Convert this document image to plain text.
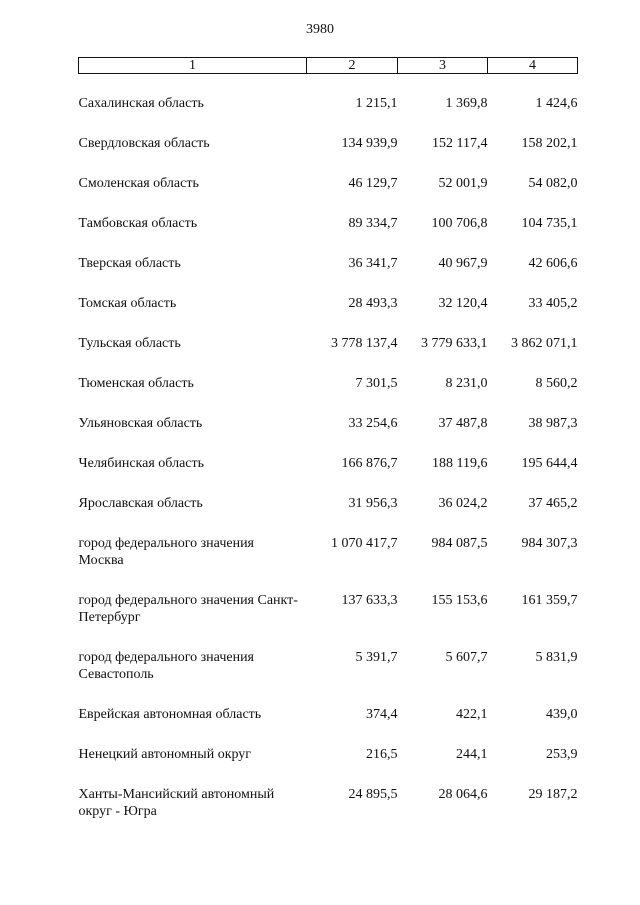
3980
1	2	3	4

Сахалинская область	1 215,1	1 369,8	1 424,6

Свердловская область	134 939,9	152 117,4	158 202,1

Смоленская область	46 129,7	52 001,9	54 082,0

Тамбовская область	89 334,7	100 706,8	104 735,1

Тверская область	36 341,7	40 967,9	42 606,6

Томская область	28 493,3	32 120,4	33 405,2

Тульская область	3 778 137,4	3 779 633,1	3 862 071,1

Тюменская область	7 301,5	8 231,0	8 560,2

Ульяновская область	33 254,6	37 487,8	38 987,3

Челябинская область	166 876,7	188 119,6	195 644,4

Ярославская область	31 956,3	36 024,2	37 465,2

город федерального значения Москва	1 070 417,7	984 087,5	984 307,3

город федерального значения Санкт-Петербург	137 633,3	155 153,6	161 359,7

город федерального значения Севастополь	5 391,7	5 607,7	5 831,9

Еврейская автономная область	374,4	422,1	439,0

Ненецкий автономный округ	216,5	244,1	253,9

Ханты-Мансийский автономный округ - Югра	24 895,5	28 064,6	29 187,2
